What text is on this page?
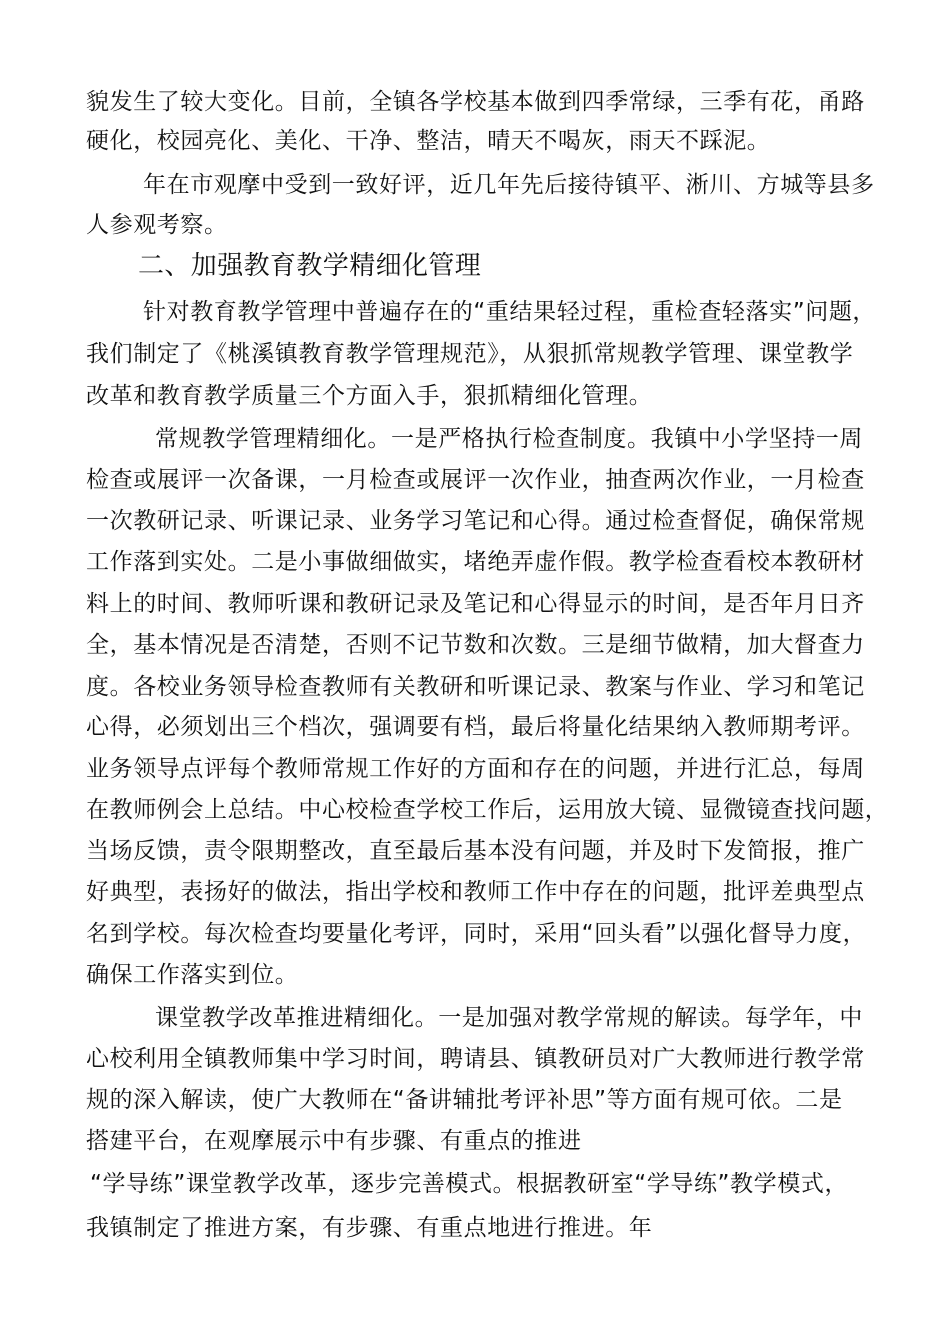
貌发生了较大变化。目前，全镇各学校基本做到四季常绿，三季有花，甬路
硬化，校园亮化、美化、干净、整洁，晴天不喝灰，雨天不踩泥。
年在市观摩中受到一致好评，近几年先后接待镇平、淅川、方城等县多
人参观考察。
二、加强教育教学精细化管理
针对教育教学管理中普遍存在的“重结果轻过程，重检查轻落实”问题，
我们制定了《桃溪镇教育教学管理规范》，从狠抓常规教学管理、课堂教学
改革和教育教学质量三个方面入手，狠抓精细化管理。
常规教学管理精细化。一是严格执行检查制度。我镇中小学坚持一周
检查或展评一次备课，一月检查或展评一次作业，抽查两次作业，一月检查
一次教研记录、听课记录、业务学习笔记和心得。通过检查督促，确保常规
工作落到实处。二是小事做细做实，堵绝弄虚作假。教学检查看校本教研材
料上的时间、教师听课和教研记录及笔记和心得显示的时间，是否年月日齐
全，基本情况是否清楚，否则不记节数和次数。三是细节做精，加大督查力
度。各校业务领导检查教师有关教研和听课记录、教案与作业、学习和笔记
心得，必须划出三个档次，强调要有档，最后将量化结果纳入教师期考评。
业务领导点评每个教师常规工作好的方面和存在的问题，并进行汇总，每周
在教师例会上总结。中心校检查学校工作后，运用放大镜、显微镜查找问题，
当场反馈，责令限期整改，直至最后基本没有问题，并及时下发简报，推广
好典型，表扬好的做法，指出学校和教师工作中存在的问题，批评差典型点
名到学校。每次检查均要量化考评，同时，采用“回头看”以强化督导力度，
确保工作落实到位。
课堂教学改革推进精细化。一是加强对教学常规的解读。每学年，中
心校利用全镇教师集中学习时间，聘请县、镇教研员对广大教师进行教学常
规的深入解读，使广大教师在“备讲辅批考评补思”等方面有规可依。二是
搭建平台，在观摩展示中有步骤、有重点的推进
“学导练”课堂教学改革，逐步完善模式。根据教研室“学导练”教学模式，
我镇制定了推进方案，有步骤、有重点地进行推进。年
